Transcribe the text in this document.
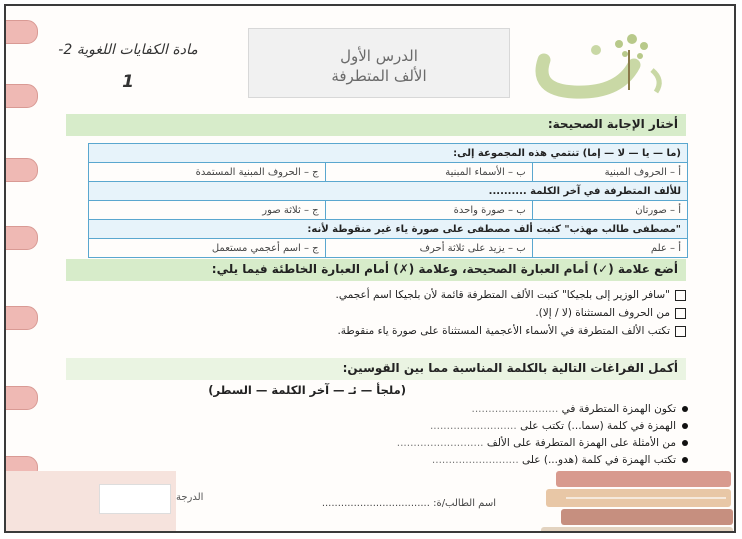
الدرس الأول
الألف المتطرفة
مادة الكفايات اللغوية 2-
1
أختار الإجابة الصحيحة:
(ما — يا — لا — إما) تنتمي هذه المجموعة إلى:		
أ – الحروف المبنية	ب – الأسماء المبنية	ج – الحروف المبنية المستمدة
للألف المتطرفة في آخر الكلمة ..........		
أ – صورتان	ب – صورة واحدة	ج – ثلاثة صور
"مصطفى طالب مهذب" كتبت ألف مصطفى على صورة ياء غير منقوطة لأنه:		
أ – علم	ب – يزيد على ثلاثة أحرف	ج – اسم أعجمي مستعمل
أضع علامة (✓) أمام العبارة الصحيحة، وعلامة (✗) أمام العبارة الخاطئة فيما يلي:
"سافر الوزير إلى بلجيكا" كتبت الألف المتطرفة قائمة لأن بلجيكا اسم أعجمي.
من الحروف المستثناة (لا / إلا).
تكتب الألف المتطرفة في الأسماء الأعجمية المستثناة على صورة ياء منقوطة.
أكمل الفراغات التالية بالكلمة المناسبة مما بين القوسين:
(ملجأ — ئـ — آخر الكلمة — السطر)
تكون الهمزة المتطرفة في ..........................
الهمزة في كلمة (سما...) تكتب على ..........................
من الأمثلة على الهمزة المتطرفة على الألف ..........................
تكتب الهمزة في كلمة (هدو...) على ..........................
اسم الطالب/ة: ..................................
الدرجة
